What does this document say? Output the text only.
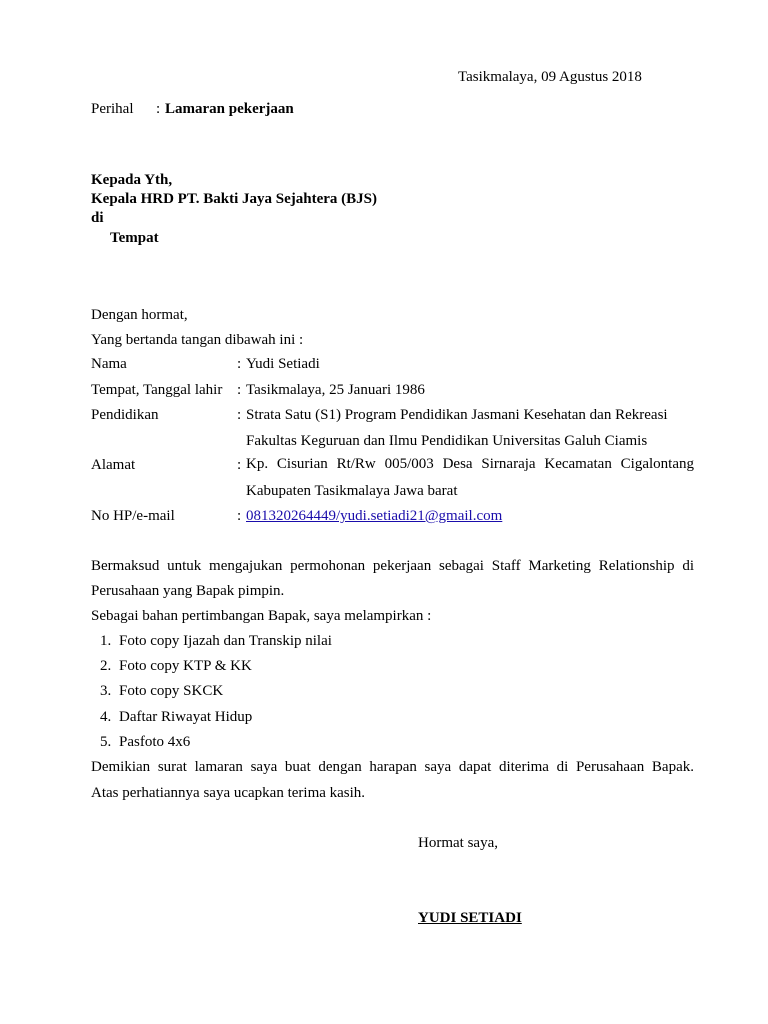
Tasikmalaya, 09 Agustus 2018
Perihal : Lamaran pekerjaan
Kepada Yth,
Kepala HRD PT. Bakti Jaya Sejahtera (BJS)
di
Tempat
Dengan hormat,
Yang bertanda tangan dibawah ini :
Nama	: Yudi Setiadi
Tempat, Tanggal lahir : Tasikmalaya, 25 Januari 1986
Pendidikan	: Strata Satu (S1) Program Pendidikan Jasmani Kesehatan dan Rekreasi
Fakultas Keguruan dan Ilmu Pendidikan Universitas Galuh Ciamis
Alamat	: Kp. Cisurian Rt/Rw 005/003 Desa Sirnaraja Kecamatan Cigalontang
Kabupaten Tasikmalaya Jawa barat
No HP/e-mail	: 081320264449/yudi.setiadi21@gmail.com
Bermaksud untuk mengajukan permohonan pekerjaan sebagai Staff Marketing Relationship di
Perusahaan yang Bapak pimpin.
Sebagai bahan pertimbangan Bapak, saya melampirkan :
1. Foto copy Ijazah dan Transkip nilai
2. Foto copy KTP & KK
3. Foto copy SKCK
4. Daftar Riwayat Hidup
5. Pasfoto 4x6
Demikian surat lamaran saya buat dengan harapan saya dapat diterima di Perusahaan Bapak.
Atas perhatiannya saya ucapkan terima kasih.
Hormat saya,
YUDI SETIADI
